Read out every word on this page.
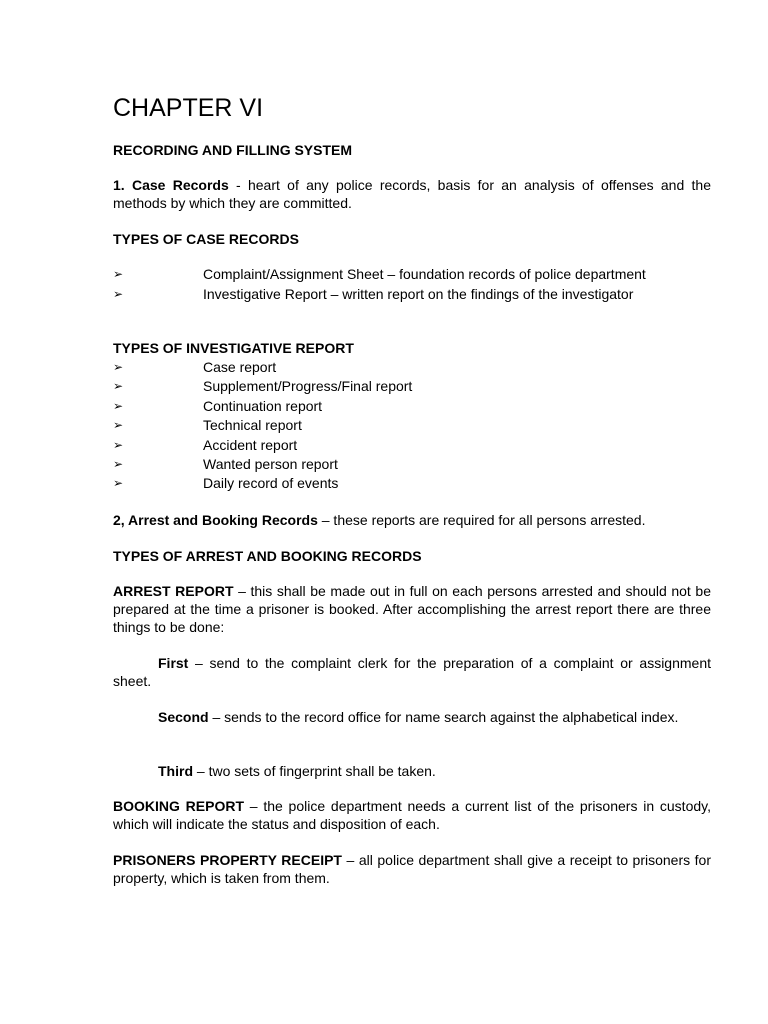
CHAPTER VI
RECORDING AND FILLING SYSTEM
1. Case Records - heart of any police records, basis for an analysis of offenses and the methods by which they are committed.
TYPES OF CASE RECORDS
➢	Complaint/Assignment Sheet – foundation records of police department
➢	Investigative Report – written report on the findings of the investigator
TYPES OF INVESTIGATIVE REPORT
➢	Case report
➢	Supplement/Progress/Final report
➢	Continuation report
➢	Technical report
➢	Accident report
➢	Wanted person report
➢	Daily record of events
2, Arrest and Booking Records – these reports are required for all persons arrested.
TYPES OF ARREST AND BOOKING RECORDS
ARREST REPORT – this shall be made out in full on each persons arrested and should not be prepared at the time a prisoner is booked. After accomplishing the arrest report there are three things to be done:
First – send to the complaint clerk for the preparation of a complaint or assignment sheet.
Second – sends to the record office for name search against the alphabetical index.
Third – two sets of fingerprint shall be taken.
BOOKING REPORT – the police department needs a current list of the prisoners in custody, which will indicate the status and disposition of each.
PRISONERS PROPERTY RECEIPT – all police department shall give a receipt to prisoners for property, which is taken from them.
